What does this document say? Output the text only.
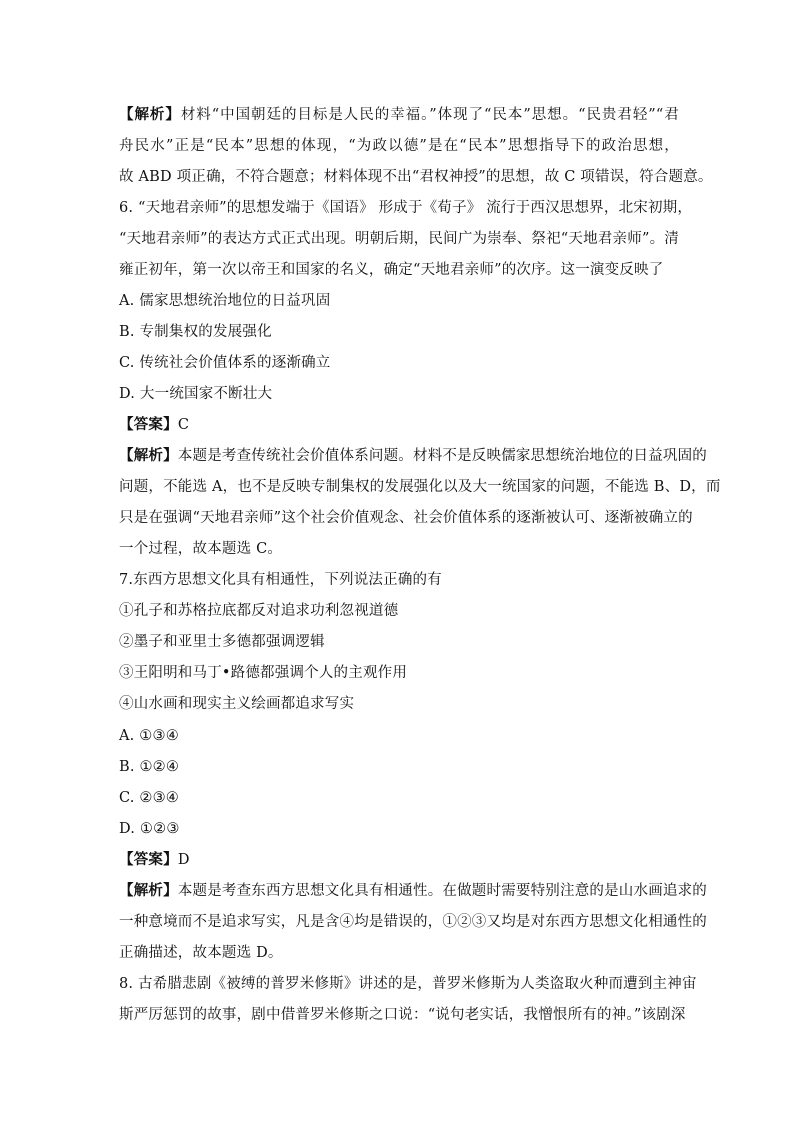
【解析】材料“中国朝廷的目标是人民的幸福。”体现了“民本”思想。“民贵君轻”“君
舟民水”正是“民本”思想的体现，“为政以德”是在“民本”思想指导下的政治思想，
故 ABD 项正确，不符合题意；材料体现不出“君权神授”的思想，故 C 项错误，符合题意。
6. “天地君亲师”的思想发端于《国语》 形成于《荀子》 流行于西汉思想界，北宋初期，
“天地君亲师”的表达方式正式出现。明朝后期，民间广为崇奉、祭祀“天地君亲师”。清
雍正初年，第一次以帝王和国家的名义，确定“天地君亲师”的次序。这一演变反映了
A. 儒家思想统治地位的日益巩固
B. 专制集权的发展强化
C. 传统社会价值体系的逐渐确立
D. 大一统国家不断壮大
【答案】C
【解析】本题是考查传统社会价值体系问题。材料不是反映儒家思想统治地位的日益巩固的
问题，不能选 A，也不是反映专制集权的发展强化以及大一统国家的问题，不能选 B、D，而
只是在强调“天地君亲师”这个社会价值观念、社会价值体系的逐渐被认可、逐渐被确立的
一个过程，故本题选 C。
7.东西方思想文化具有相通性，下列说法正确的有
①孔子和苏格拉底都反对追求功利忽视道德
②墨子和亚里士多德都强调逻辑
③王阳明和马丁•路德都强调个人的主观作用
④山水画和现实主义绘画都追求写实
A. ①③④
B. ①②④
C. ②③④
D. ①②③
【答案】D
【解析】本题是考查东西方思想文化具有相通性。在做题时需要特别注意的是山水画追求的
一种意境而不是追求写实，凡是含④均是错误的，①②③又均是对东西方思想文化相通性的
正确描述，故本题选 D。
8. 古希腊悲剧《被缚的普罗米修斯》讲述的是，普罗米修斯为人类盗取火种而遭到主神宙
斯严厉惩罚的故事，剧中借普罗米修斯之口说：“说句老实话，我憎恨所有的神。”该剧深
